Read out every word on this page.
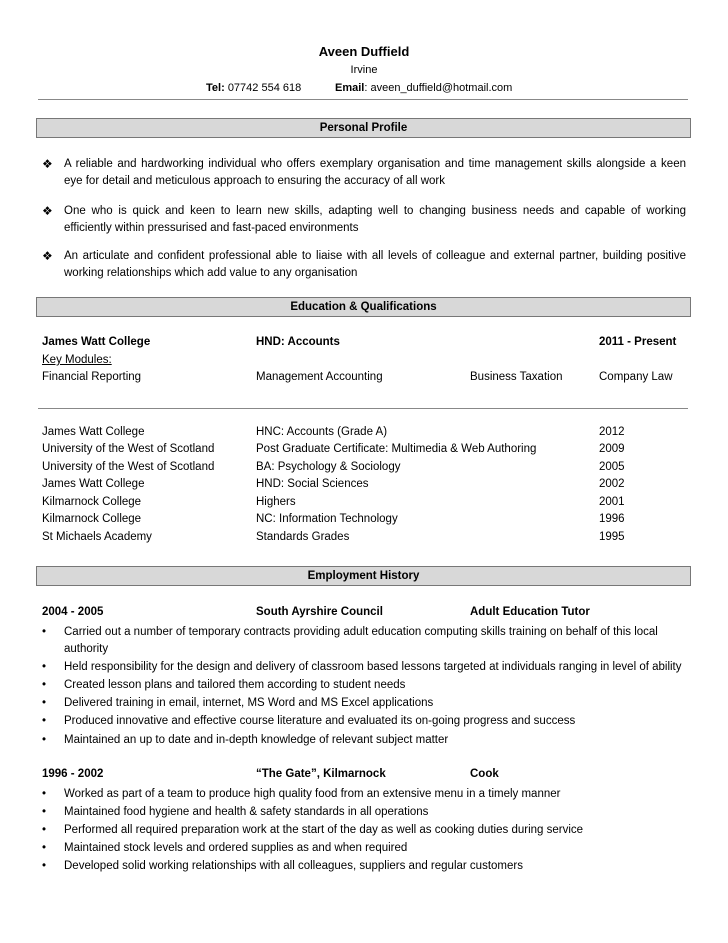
Aveen Duffield
Irvine
Tel: 07742 554 618	Email: aveen_duffield@hotmail.com
Personal Profile
❖ A reliable and hardworking individual who offers exemplary organisation and time management skills alongside a keen eye for detail and meticulous approach to ensuring the accuracy of all work
❖ One who is quick and keen to learn new skills, adapting well to changing business needs and capable of working efficiently within pressurised and fast-paced environments
❖ An articulate and confident professional able to liaise with all levels of colleague and external partner, building positive working relationships which add value to any organisation
Education & Qualifications
James Watt College	HND: Accounts	2011 - Present
Key Modules:
Financial Reporting	Management Accounting	Business Taxation	Company Law
James Watt College	HNC: Accounts (Grade A)	2012
University of the West of Scotland	Post Graduate Certificate: Multimedia & Web Authoring	2009
University of the West of Scotland	BA: Psychology & Sociology	2005
James Watt College	HND: Social Sciences	2002
Kilmarnock College	Highers	2001
Kilmarnock College	NC: Information Technology	1996
St Michaels Academy	Standards Grades	1995
Employment History
2004 - 2005	South Ayrshire Council	Adult Education Tutor
• Carried out a number of temporary contracts providing adult education computing skills training on behalf of this local authority
• Held responsibility for the design and delivery of classroom based lessons targeted at individuals ranging in level of ability
• Created lesson plans and tailored them according to student needs
• Delivered training in email, internet, MS Word and MS Excel applications
• Produced innovative and effective course literature and evaluated its on-going progress and success
• Maintained an up to date and in-depth knowledge of relevant subject matter
1996 - 2002	“The Gate”, Kilmarnock	Cook
• Worked as part of a team to produce high quality food from an extensive menu in a timely manner
• Maintained food hygiene and health & safety standards in all operations
• Performed all required preparation work at the start of the day as well as cooking duties during service
• Maintained stock levels and ordered supplies as and when required
• Developed solid working relationships with all colleagues, suppliers and regular customers
